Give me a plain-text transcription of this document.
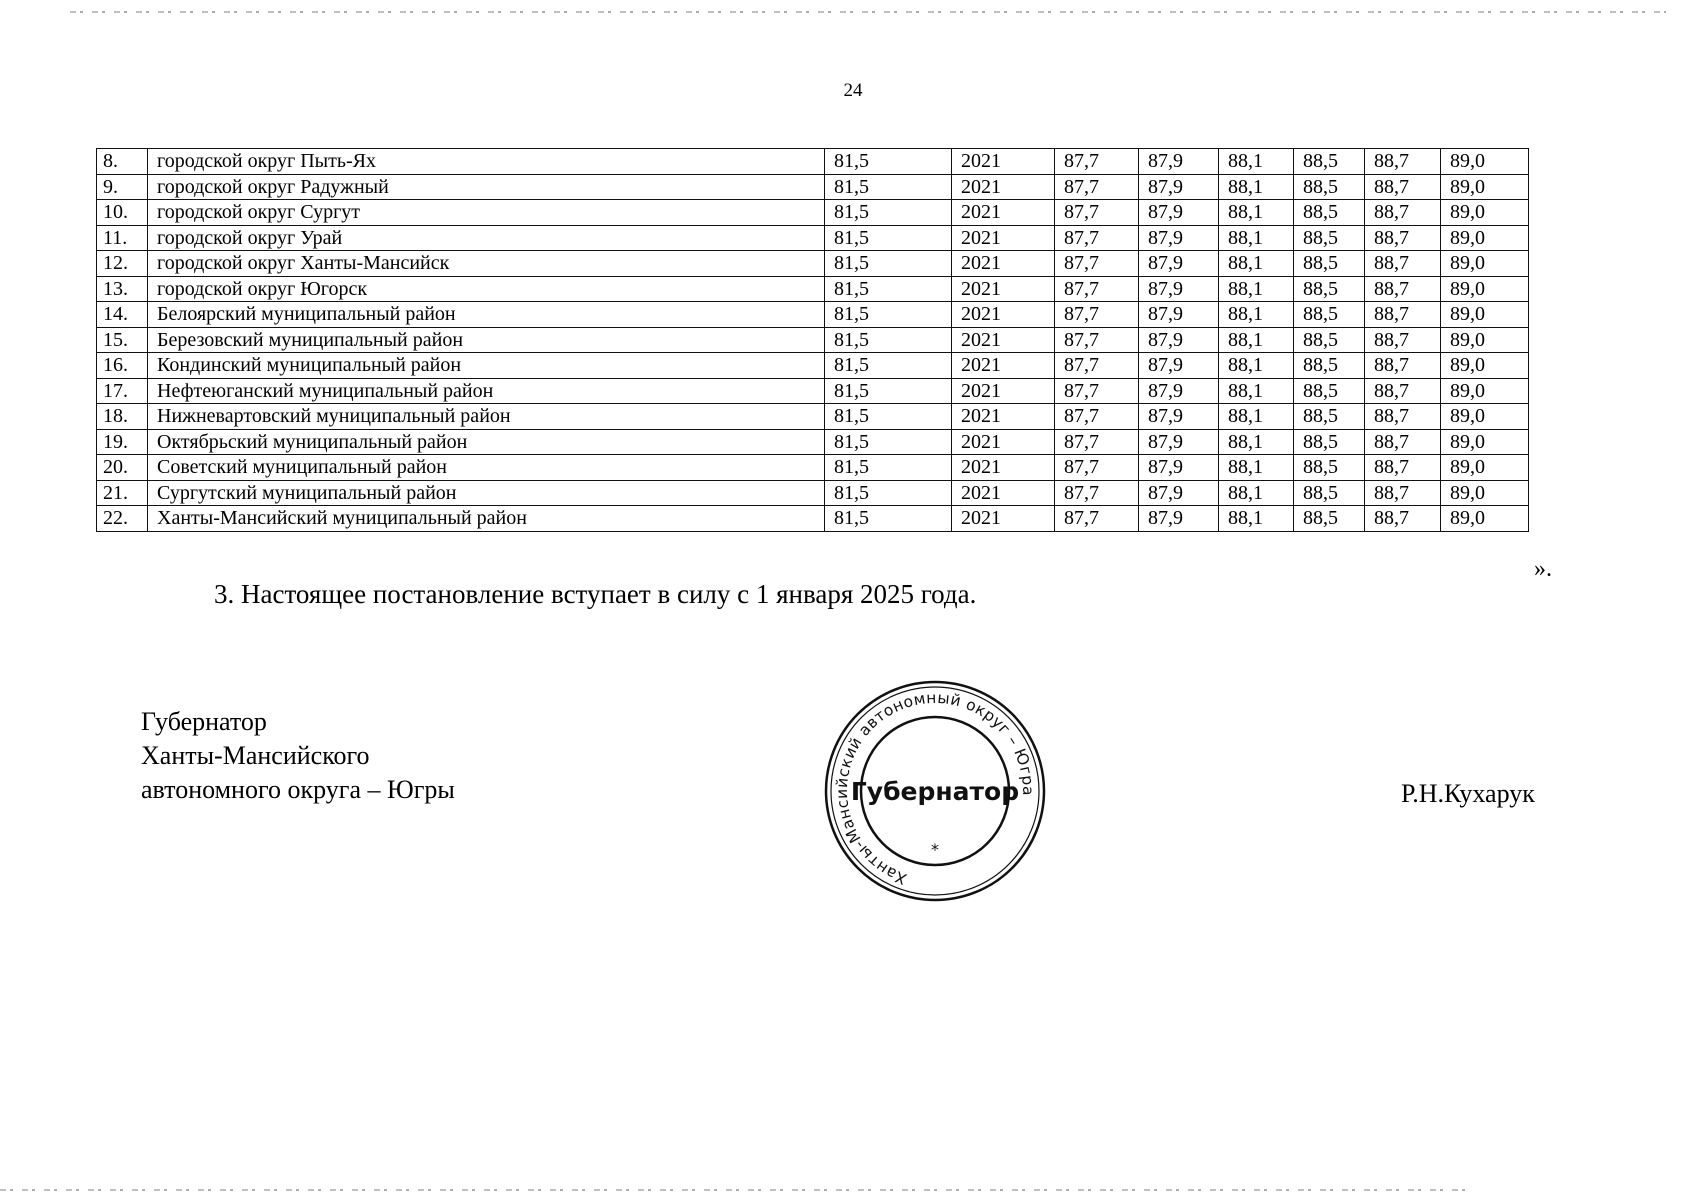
24
8.	городской округ Пыть-Ях	81,5	2021	87,7	87,9	88,1	88,5	88,7	89,0
9.	городской округ Радужный	81,5	2021	87,7	87,9	88,1	88,5	88,7	89,0
10.	городской округ Сургут	81,5	2021	87,7	87,9	88,1	88,5	88,7	89,0
11.	городской округ Урай	81,5	2021	87,7	87,9	88,1	88,5	88,7	89,0
12.	городской округ Ханты-Мансийск	81,5	2021	87,7	87,9	88,1	88,5	88,7	89,0
13.	городской округ Югорск	81,5	2021	87,7	87,9	88,1	88,5	88,7	89,0
14.	Белоярский муниципальный район	81,5	2021	87,7	87,9	88,1	88,5	88,7	89,0
15.	Березовский муниципальный район	81,5	2021	87,7	87,9	88,1	88,5	88,7	89,0
16.	Кондинский муниципальный район	81,5	2021	87,7	87,9	88,1	88,5	88,7	89,0
17.	Нефтеюганский муниципальный район	81,5	2021	87,7	87,9	88,1	88,5	88,7	89,0
18.	Нижневартовский муниципальный район	81,5	2021	87,7	87,9	88,1	88,5	88,7	89,0
19.	Октябрьский муниципальный район	81,5	2021	87,7	87,9	88,1	88,5	88,7	89,0
20.	Советский муниципальный район	81,5	2021	87,7	87,9	88,1	88,5	88,7	89,0
21.	Сургутский муниципальный район	81,5	2021	87,7	87,9	88,1	88,5	88,7	89,0
22.	Ханты-Мансийский муниципальный район	81,5	2021	87,7	87,9	88,1	88,5	88,7	89,0
».
3. Настоящее постановление вступает в силу с 1 января 2025 года.
Губернатор
Ханты-Мансийского
автономного округа – Югры
Ханты-Мансийский автономный округ – Югра
Губернатор
*
Р.Н.Кухарук
